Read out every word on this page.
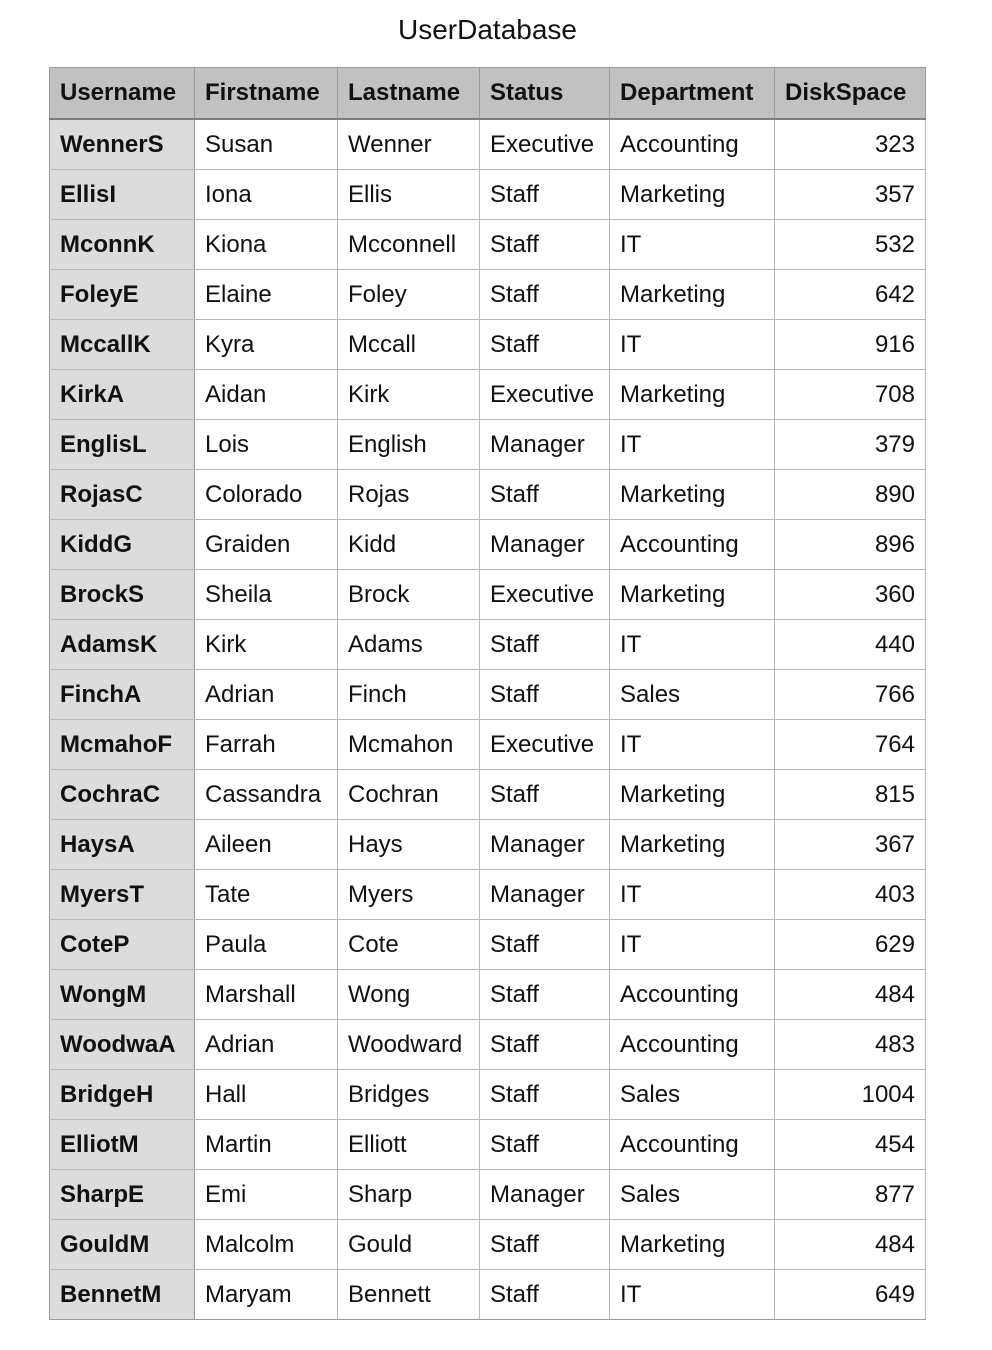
UserDatabase
Username	Firstname	Lastname	Status	Department	DiskSpace
WennerS	Susan	Wenner	Executive	Accounting	323
EllisI	Iona	Ellis	Staff	Marketing	357
MconnK	Kiona	Mcconnell	Staff	IT	532
FoleyE	Elaine	Foley	Staff	Marketing	642
MccallK	Kyra	Mccall	Staff	IT	916
KirkA	Aidan	Kirk	Executive	Marketing	708
EnglisL	Lois	English	Manager	IT	379
RojasC	Colorado	Rojas	Staff	Marketing	890
KiddG	Graiden	Kidd	Manager	Accounting	896
BrockS	Sheila	Brock	Executive	Marketing	360
AdamsK	Kirk	Adams	Staff	IT	440
FinchA	Adrian	Finch	Staff	Sales	766
McmahoF	Farrah	Mcmahon	Executive	IT	764
CochraC	Cassandra	Cochran	Staff	Marketing	815
HaysA	Aileen	Hays	Manager	Marketing	367
MyersT	Tate	Myers	Manager	IT	403
CoteP	Paula	Cote	Staff	IT	629
WongM	Marshall	Wong	Staff	Accounting	484
WoodwaA	Adrian	Woodward	Staff	Accounting	483
BridgeH	Hall	Bridges	Staff	Sales	1004
ElliotM	Martin	Elliott	Staff	Accounting	454
SharpE	Emi	Sharp	Manager	Sales	877
GouldM	Malcolm	Gould	Staff	Marketing	484
BennetM	Maryam	Bennett	Staff	IT	649
